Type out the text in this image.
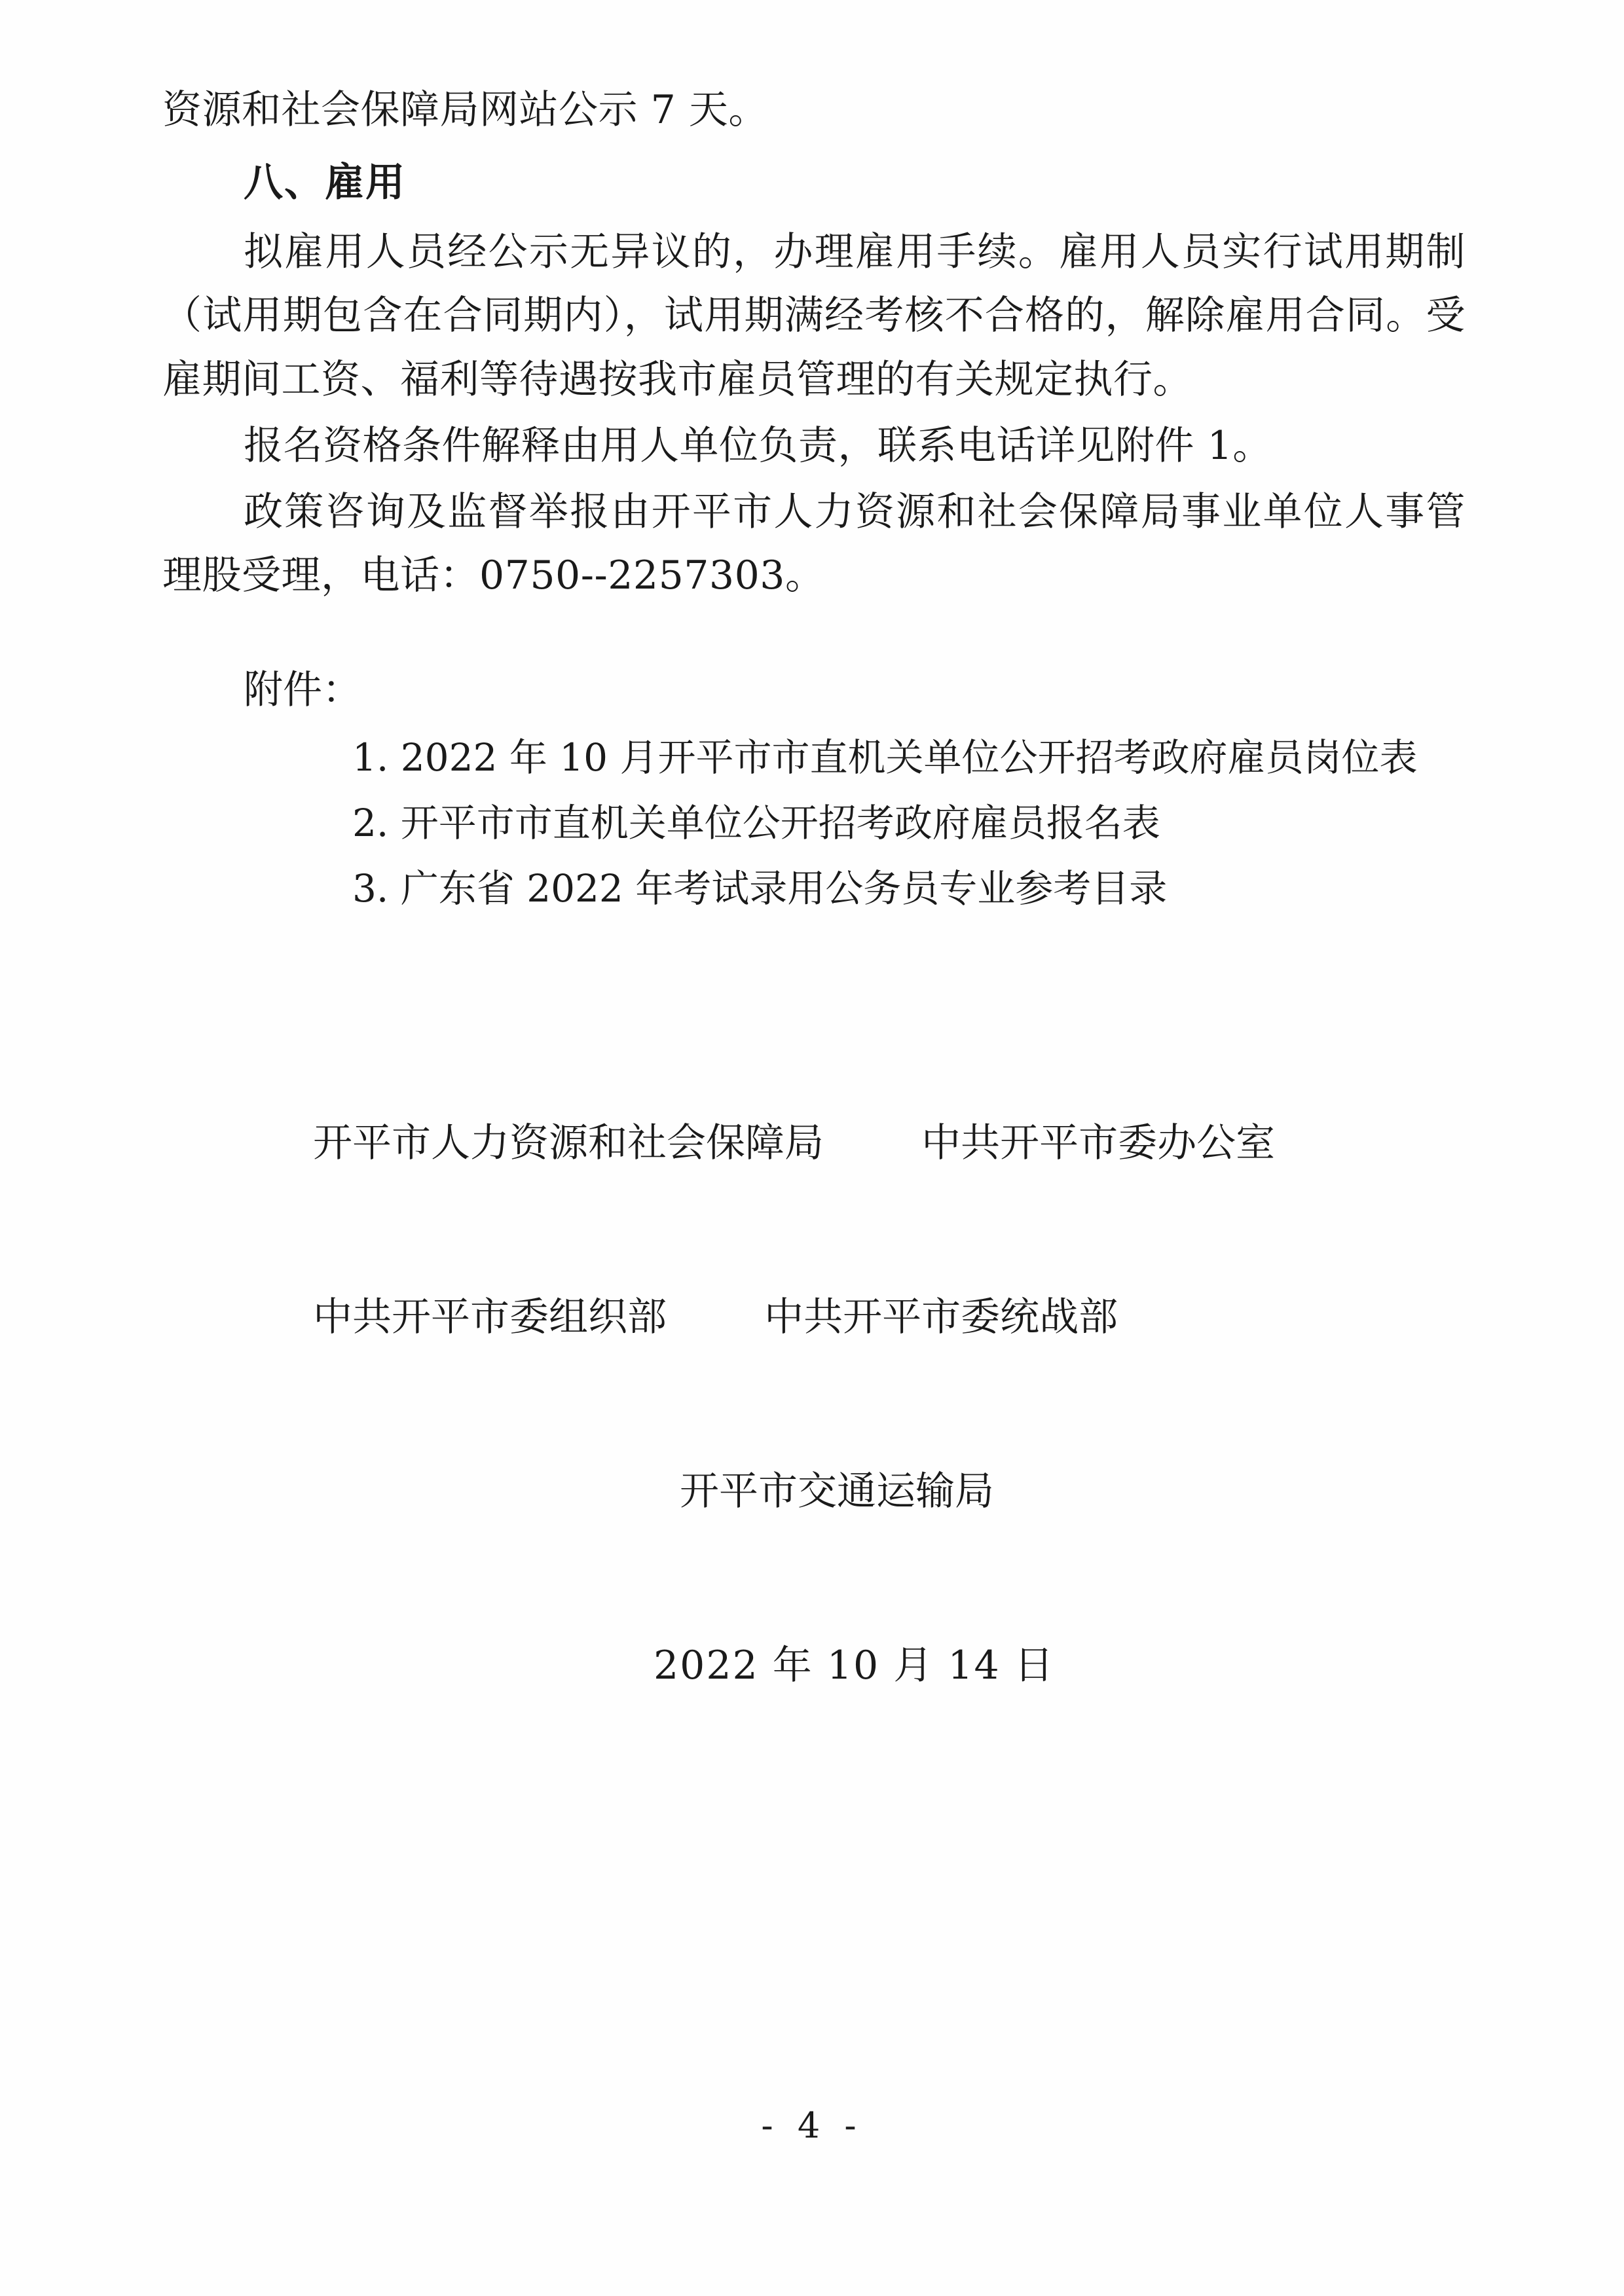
资源和社会保障局网站公示 7 天。

八、雇用

拟雇用人员经公示无异议的，办理雇用手续。雇用人员实行试用期制（试用期包含在合同期内），试用期满经考核不合格的，解除雇用合同。受雇期间工资、福利等待遇按我市雇员管理的有关规定执行。

报名资格条件解释由用人单位负责，联系电话详见附件 1。

政策咨询及监督举报由开平市人力资源和社会保障局事业单位人事管理股受理，电话：0750--2257303。

附件：

1. 2022 年 10 月开平市市直机关单位公开招考政府雇员岗位表
2. 开平市市直机关单位公开招考政府雇员报名表
3. 广东省 2022 年考试录用公务员专业参考目录
开平市人力资源和社会保障局 中共开平市委办公室
中共开平市委组织部 中共开平市委统战部
开平市交通运输局
2022 年 10 月 14 日
- 4 -
